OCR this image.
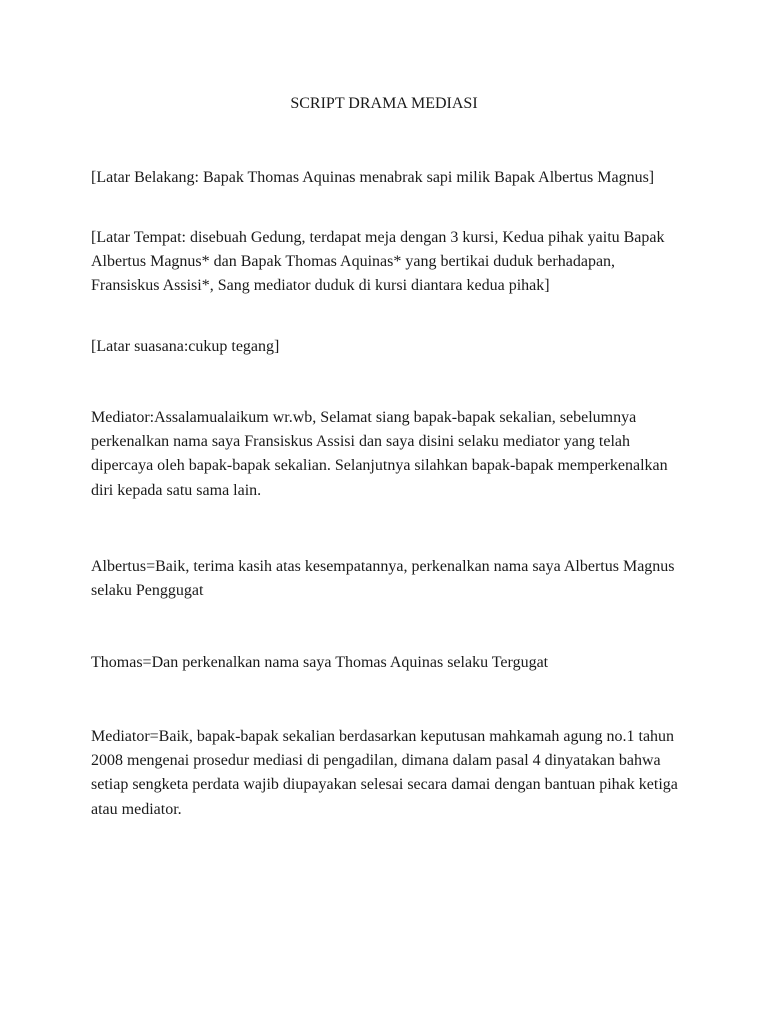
SCRIPT DRAMA MEDIASI

[Latar Belakang: Bapak Thomas Aquinas menabrak sapi milik Bapak Albertus Magnus]

[Latar Tempat: disebuah Gedung, terdapat meja dengan 3 kursi, Kedua pihak yaitu Bapak Albertus Magnus* dan Bapak Thomas Aquinas* yang bertikai duduk berhadapan, Fransiskus Assisi*, Sang mediator duduk di kursi diantara kedua pihak]

[Latar suasana:cukup tegang]

Mediator:Assalamualaikum wr.wb, Selamat siang bapak-bapak sekalian, sebelumnya perkenalkan nama saya Fransiskus Assisi dan saya disini selaku mediator yang telah dipercaya oleh bapak-bapak sekalian. Selanjutnya silahkan bapak-bapak memperkenalkan diri kepada satu sama lain.

Albertus=Baik, terima kasih atas kesempatannya, perkenalkan nama saya Albertus Magnus selaku Penggugat

Thomas=Dan perkenalkan nama saya Thomas Aquinas selaku Tergugat

Mediator=Baik, bapak-bapak sekalian berdasarkan keputusan mahkamah agung no.1 tahun 2008 mengenai prosedur mediasi di pengadilan, dimana dalam pasal 4 dinyatakan bahwa setiap sengketa perdata wajib diupayakan selesai secara damai dengan bantuan pihak ketiga atau mediator.
